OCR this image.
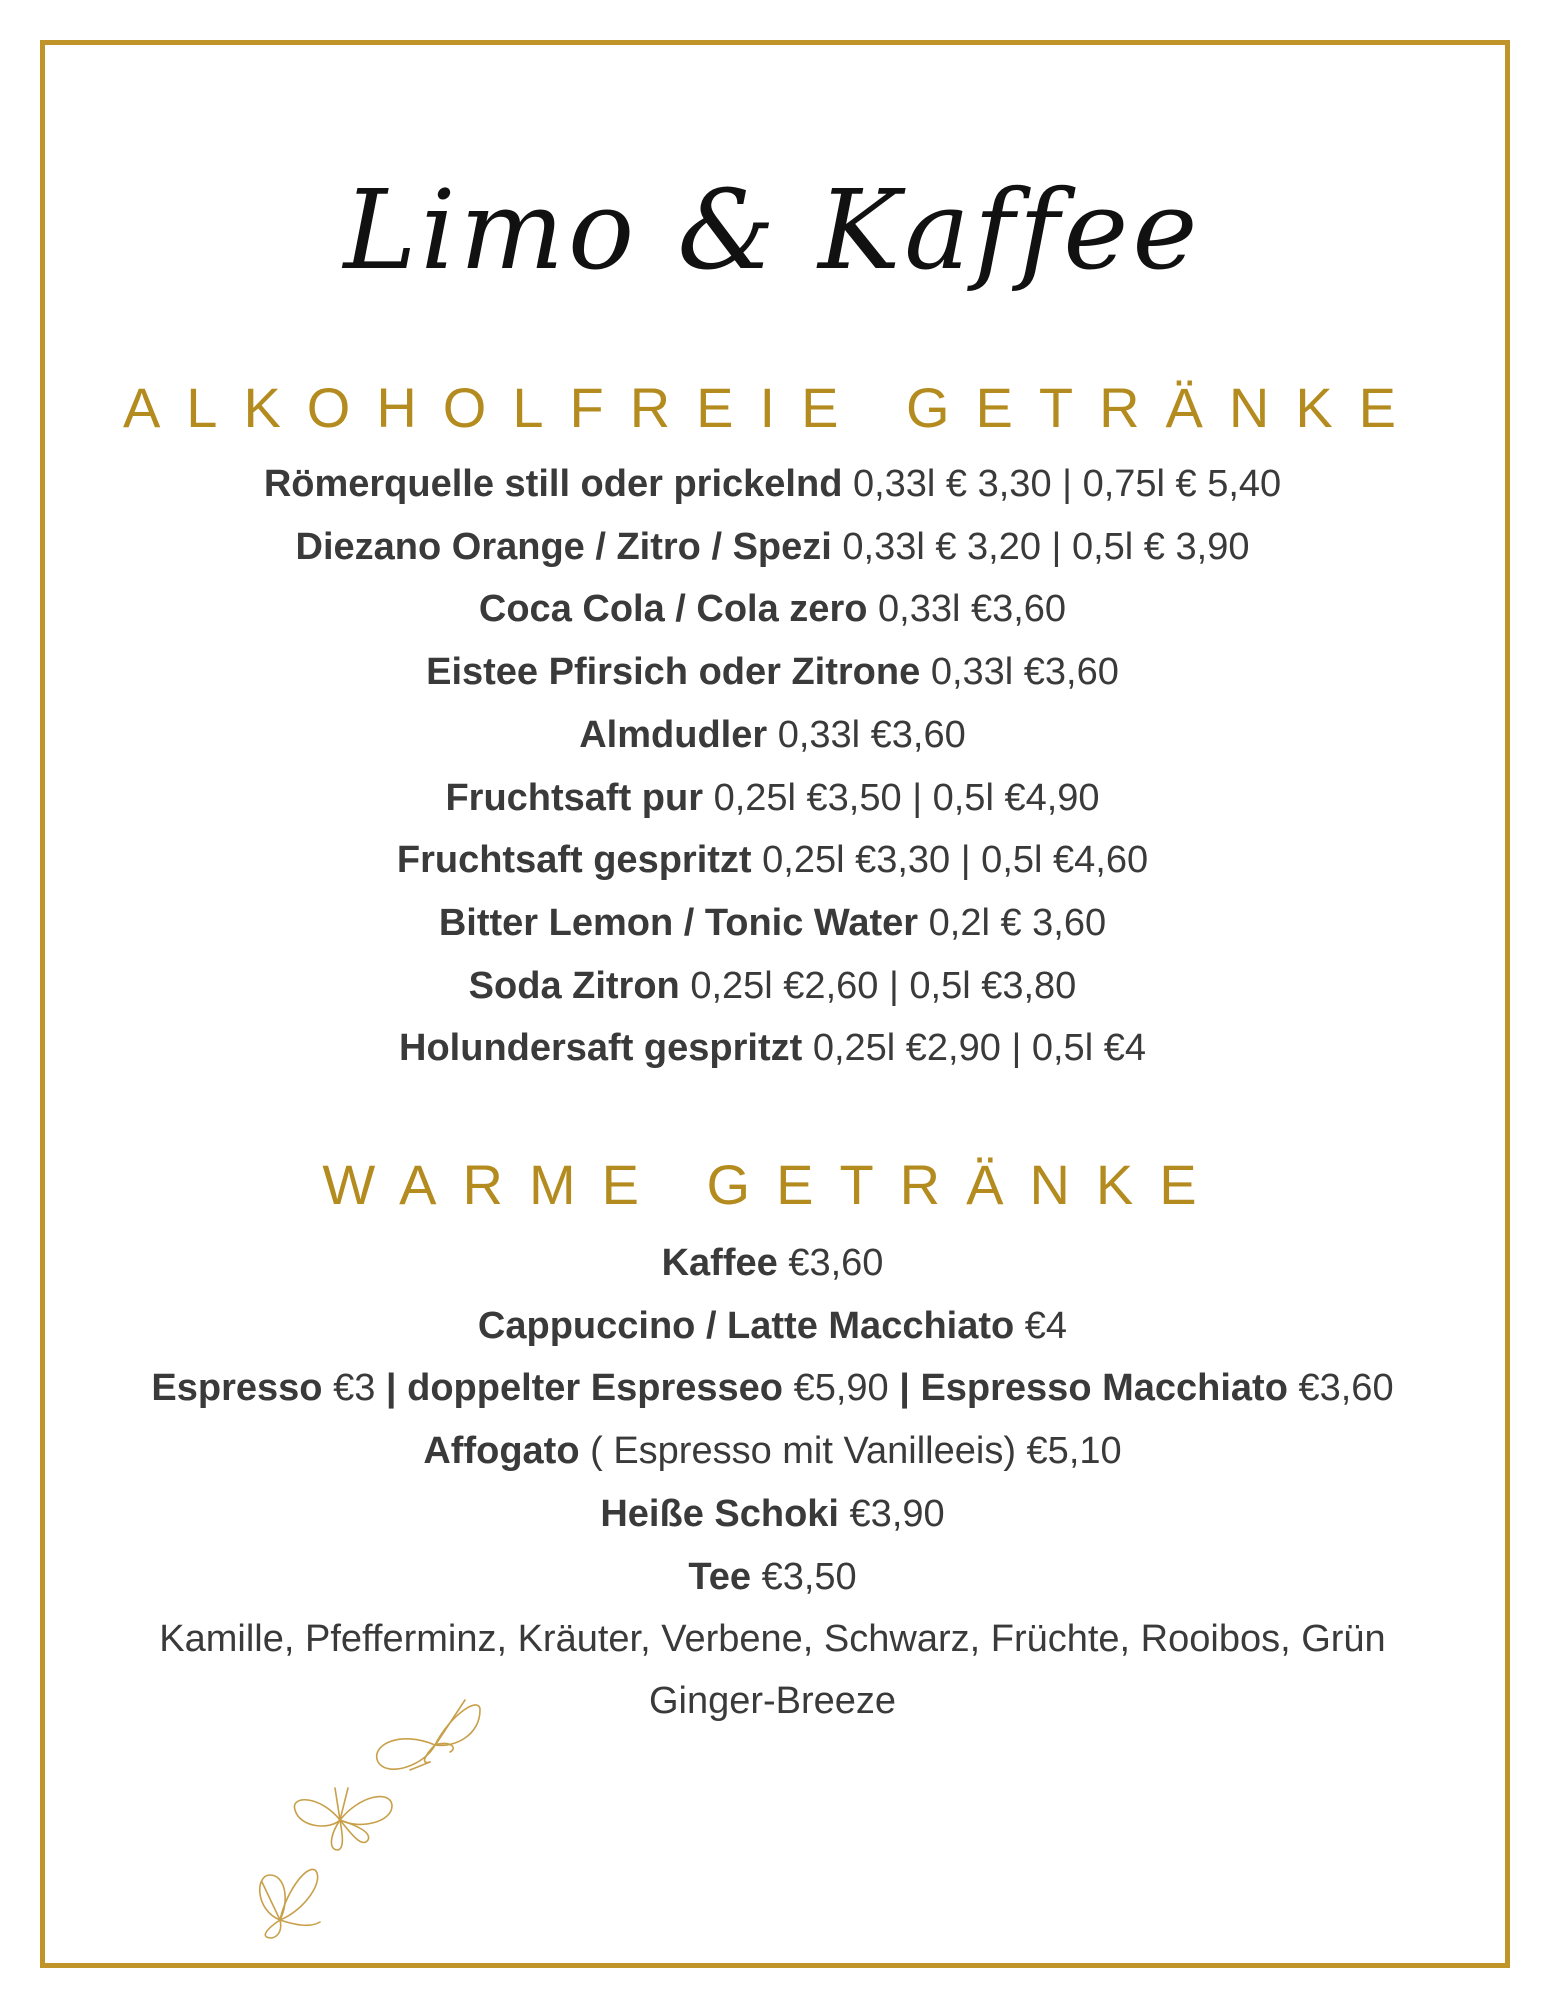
Limo & Kaffee
ALKOHOLFREIE GETRÄNKE
Römerquelle still oder prickelnd 0,33l € 3,30 | 0,75l € 5,40
Diezano Orange / Zitro / Spezi 0,33l € 3,20 | 0,5l € 3,90
Coca Cola / Cola zero 0,33l €3,60
Eistee Pfirsich oder Zitrone 0,33l €3,60
Almdudler 0,33l €3,60
Fruchtsaft pur 0,25l €3,50 | 0,5l €4,90
Fruchtsaft gespritzt 0,25l €3,30 | 0,5l €4,60
Bitter Lemon / Tonic Water 0,2l € 3,60
Soda Zitron 0,25l €2,60 | 0,5l €3,80
Holundersaft gespritzt 0,25l €2,90 | 0,5l €4
WARME GETRÄNKE
Kaffee €3,60
Cappuccino / Latte Macchiato €4
Espresso €3 | doppelter Espresseo €5,90 | Espresso Macchiato €3,60
Affogato ( Espresso mit Vanilleeis) €5,10
Heiße Schoki €3,90
Tee €3,50
Kamille, Pfefferminz, Kräuter, Verbene, Schwarz, Früchte, Rooibos, Grün
Ginger-Breeze
